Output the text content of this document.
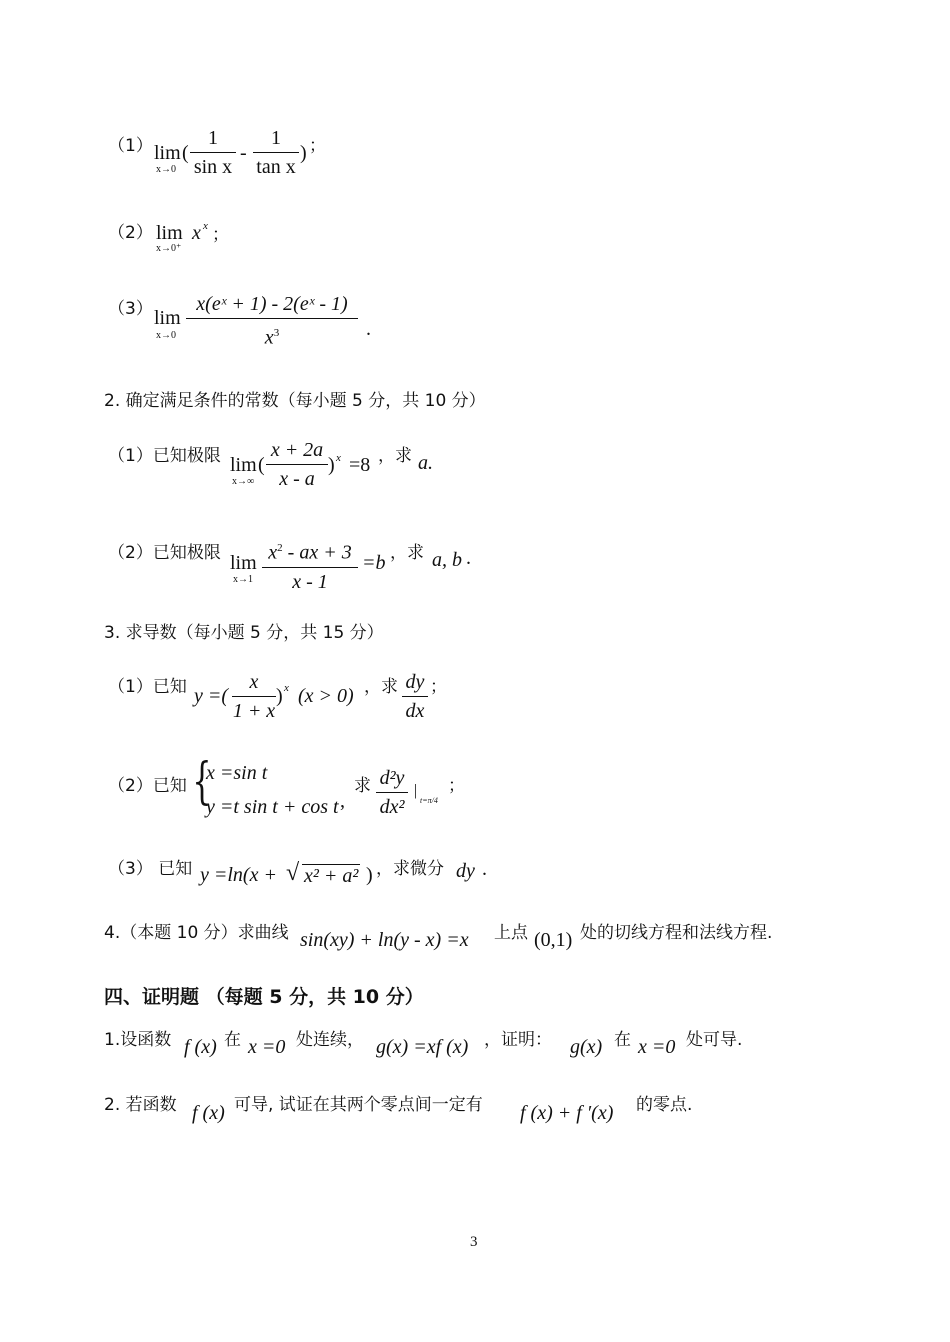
（1） lim
x→0
(
1
sin x
-
1
tan x
) ；
（2） lim
x→0⁺
x x ；
（3） lim
x→0
x(eˣ + 1) - 2(eˣ - 1)
$x^3$	.
2. 确定满足条件的常数（每小题 5 分，共 10 分）
（1）已知极限 lim
x→∞
(
x + 2a
x - a
) x =8 ，求 a.
（2）已知极限 lim
x→1
$x^2$ - ax + 3
x - 1
=b ，求 a, b .
3. 求导数（每小题 5 分，共 15 分）
（1）已知 y =(
x
1 + x
) x (x > 0) ，求 dy
dx
；
（2）已知 {
x =sin t
y =t sin t + cos t ,
求 d²y
dx²
|
t=π/4
；
（3） 已知 y =ln(x + √ x² + a² ) ，求微分 dy .
4.（本题 10 分）求曲线 sin(xy) + ln(y - x) =x 上点 (0,1) 处的切线方程和法线方程.
四、证明题 （每题 5 分，共 10 分）
1.设函数 f (x) 在 x =0 处连续， g(x) =xf (x) ，证明： g(x) 在 x =0 处可导.
2. 若函数 f (x) 可导, 试证在其两个零点间一定有 f (x) + f ′(x) 的零点.
3
